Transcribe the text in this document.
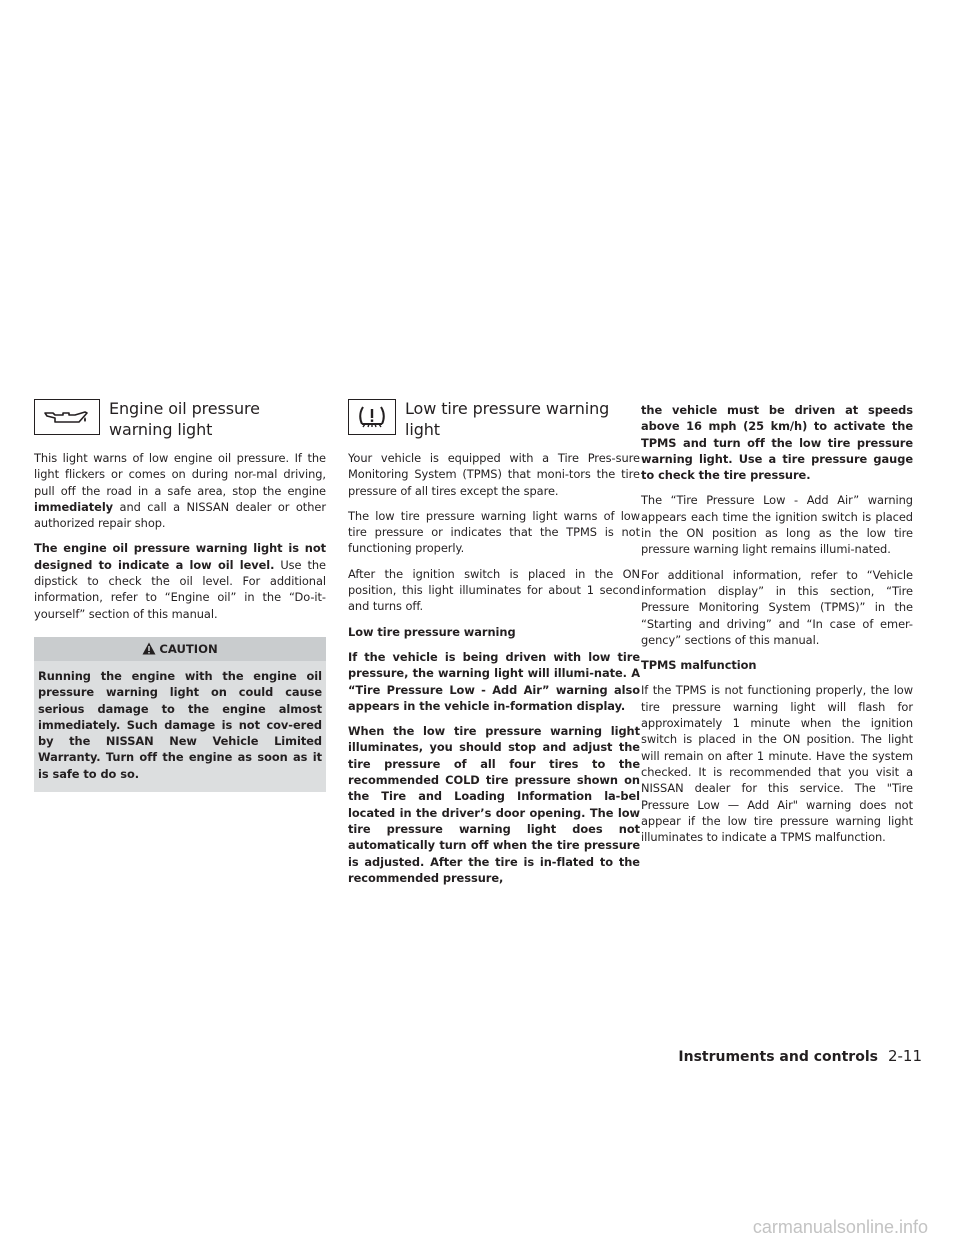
Engine oil pressure
warning light

This light warns of low engine oil pressure. If the light flickers or comes on during nor-mal driving, pull off the road in a safe area, stop the engine immediately and call a NISSAN dealer or other authorized repair shop.

The engine oil pressure warning light is not designed to indicate a low oil level. Use the dipstick to check the oil level. For additional information, refer to “Engine oil” in the “Do-it-yourself” section of this manual.

CAUTION

Running the engine with the engine oil pressure warning light on could cause serious damage to the engine almost immediately. Such damage is not cov-ered by the NISSAN New Vehicle Limited Warranty. Turn off the engine as soon as it is safe to do so.

Low tire pressure warning
light

Your vehicle is equipped with a Tire Pres-sure Monitoring System (TPMS) that moni-tors the tire pressure of all tires except the spare.

The low tire pressure warning light warns of low tire pressure or indicates that the TPMS is not functioning properly.

After the ignition switch is placed in the ON position, this light illuminates for about 1 second and turns off.

Low tire pressure warning

If the vehicle is being driven with low tire pressure, the warning light will illumi-nate. A “Tire Pressure Low - Add Air” warning also appears in the vehicle in-formation display.

When the low tire pressure warning light illuminates, you should stop and adjust the tire pressure of all four tires to the recommended COLD tire pressure shown on the Tire and Loading Information la-bel located in the driver’s door opening. The low tire pressure warning light does not automatically turn off when the tire pressure is adjusted. After the tire is in-flated to the recommended pressure,

the vehicle must be driven at speeds above 16 mph (25 km/h) to activate the TPMS and turn off the low tire pressure warning light. Use a tire pressure gauge to check the tire pressure.

The “Tire Pressure Low - Add Air” warning appears each time the ignition switch is placed in the ON position as long as the low tire pressure warning light remains illumi-nated.

For additional information, refer to “Vehicle information display” in this section, “Tire Pressure Monitoring System (TPMS)” in the “Starting and driving” and “In case of emer-gency” sections of this manual.

TPMS malfunction

If the TPMS is not functioning properly, the low tire pressure warning light will flash for approximately 1 minute when the ignition switch is placed in the ON position. The light will remain on after 1 minute. Have the system checked. It is recommended that you visit a NISSAN dealer for this service. The "Tire Pressure Low — Add Air" warning does not appear if the low tire pressure warning light illuminates to indicate a TPMS malfunction.

Instruments and controls 2-11
carmanualsonline.info
